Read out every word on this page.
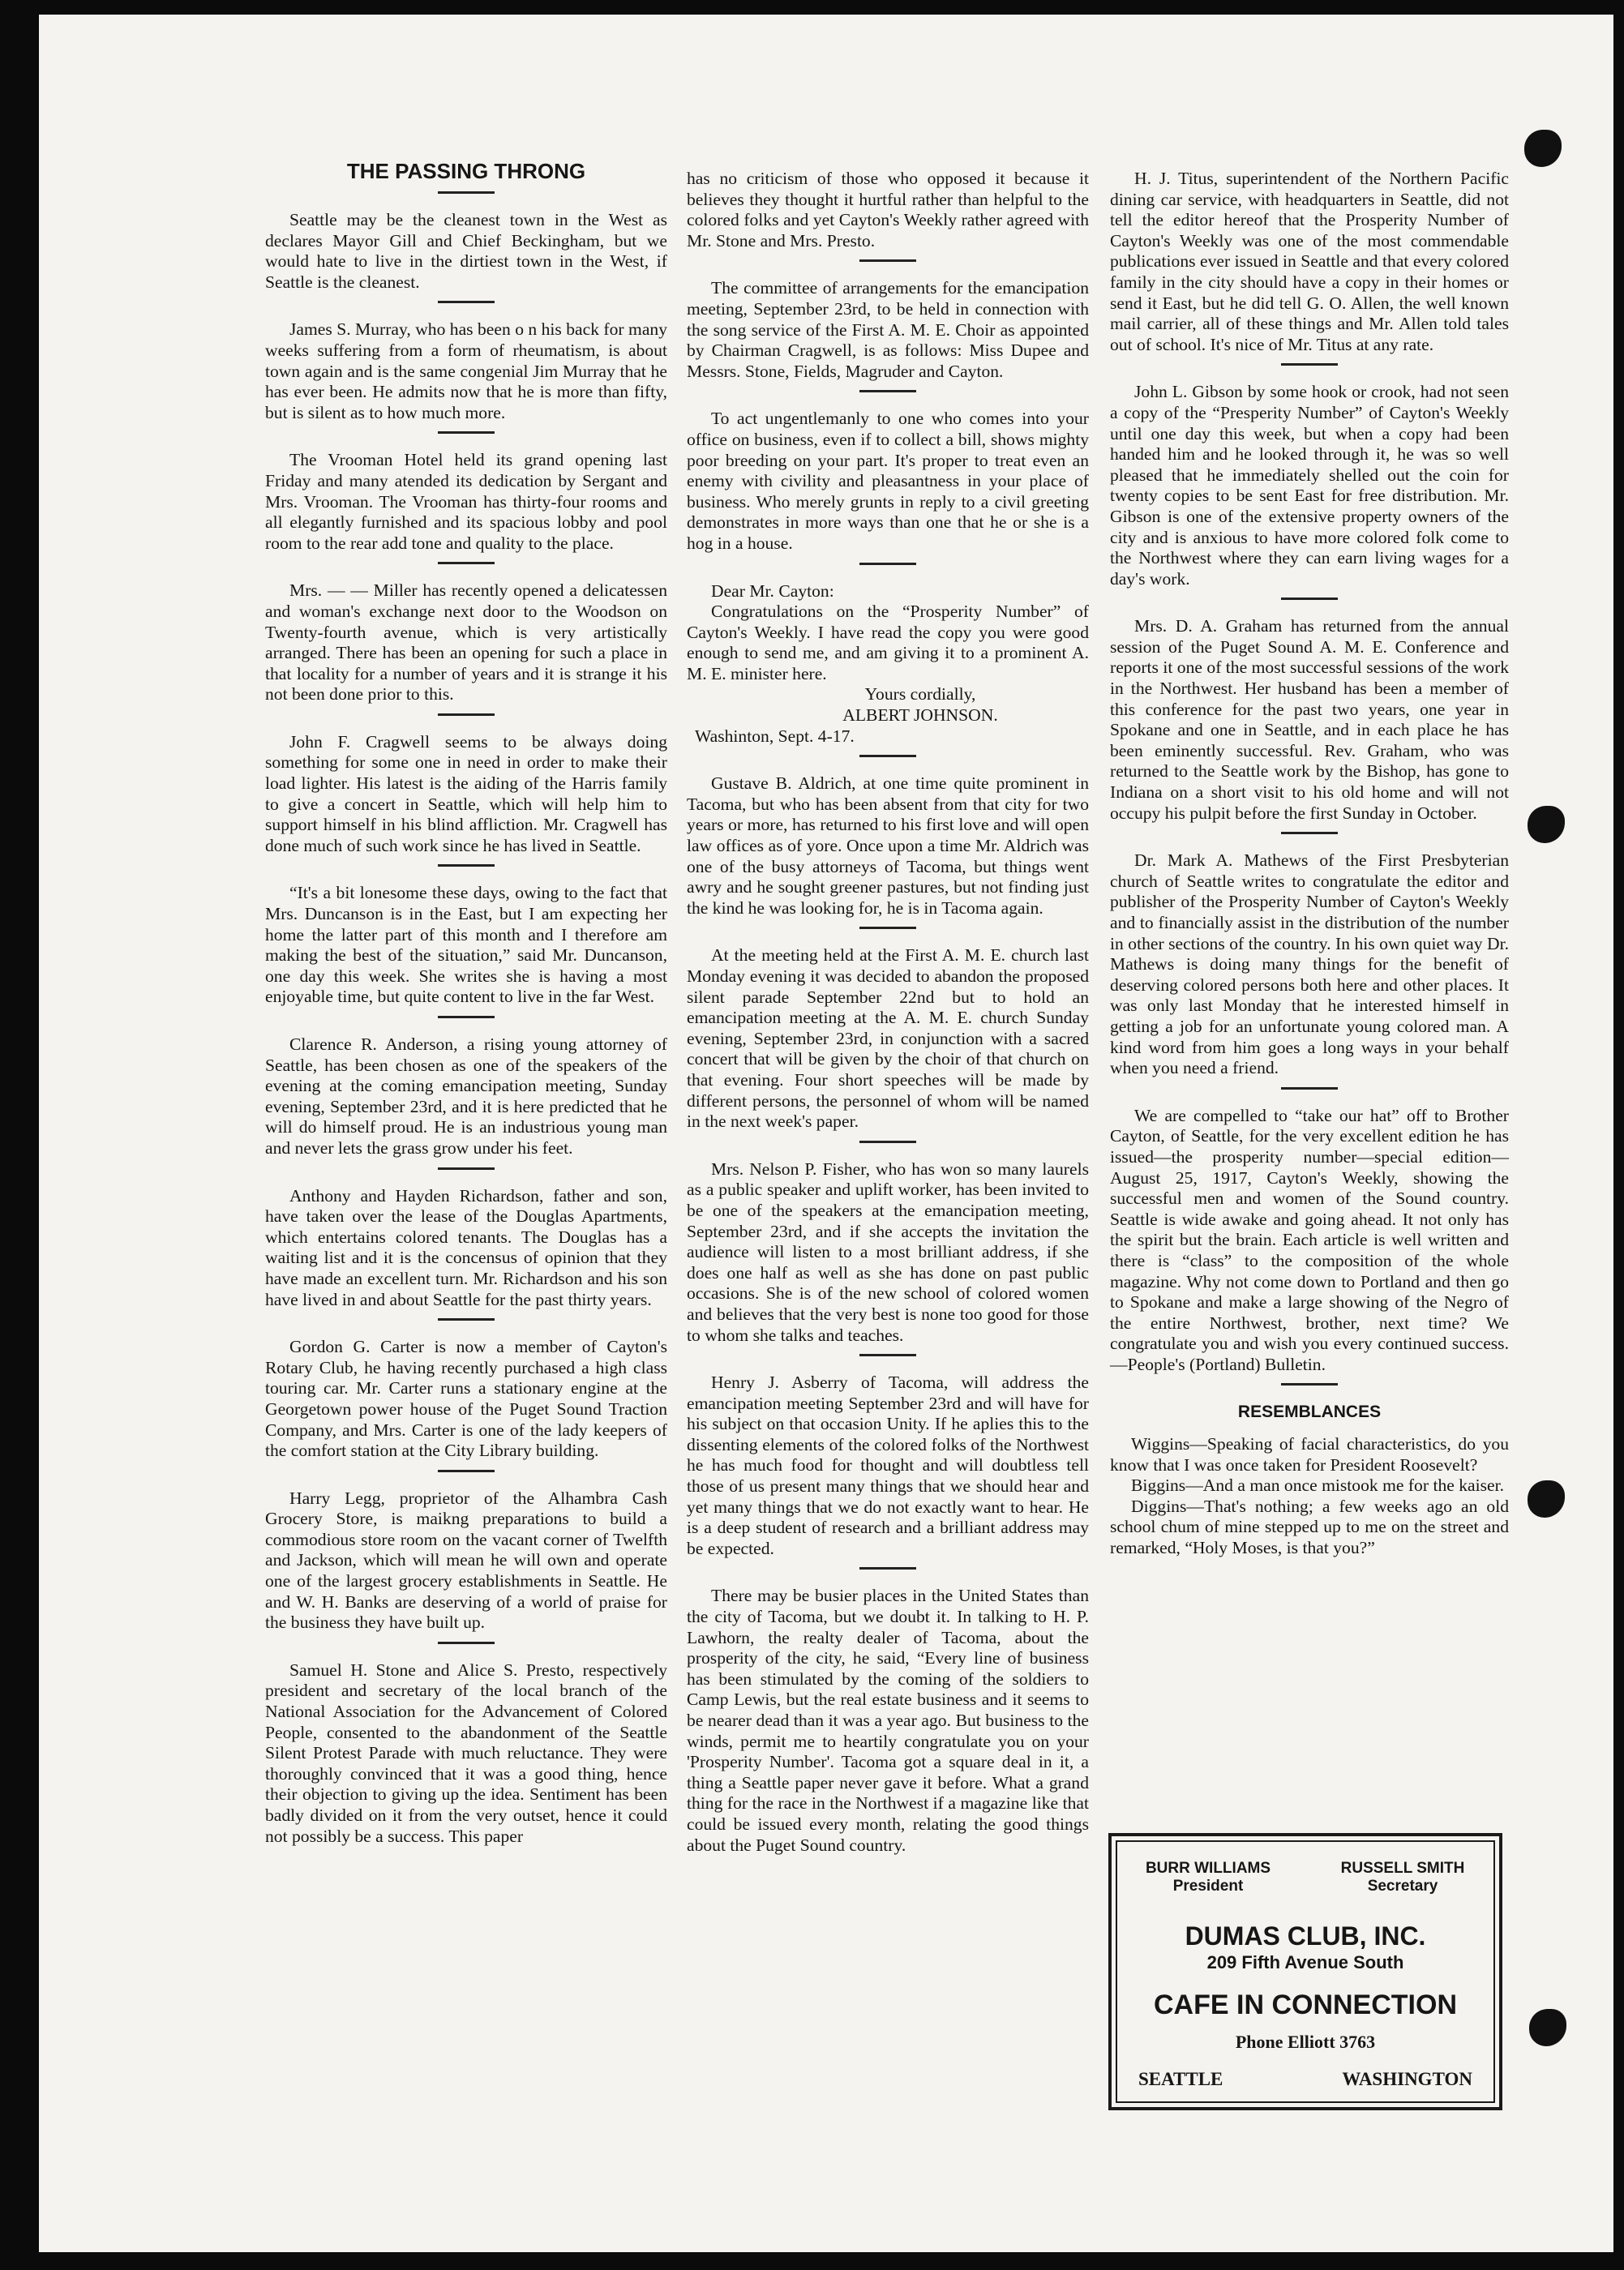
THE PASSING THRONG

Seattle may be the cleanest town in the West as declares Mayor Gill and Chief Beckingham, but we would hate to live in the dirtiest town in the West, if Seattle is the cleanest.

James S. Murray, who has been o n his back for many weeks suffering from a form of rheumatism, is about town again and is the same congenial Jim Murray that he has ever been. He admits now that he is more than fifty, but is silent as to how much more.

The Vrooman Hotel held its grand opening last Friday and many atended its dedication by Sergant and Mrs. Vrooman. The Vrooman has thirty-four rooms and all elegantly furnished and its spacious lobby and pool room to the rear add tone and quality to the place.

Mrs. — — Miller has recently opened a delicatessen and woman's exchange next door to the Woodson on Twenty-fourth avenue, which is very artistically arranged. There has been an opening for such a place in that locality for a number of years and it is strange it his not been done prior to this.

John F. Cragwell seems to be always doing something for some one in need in order to make their load lighter. His latest is the aiding of the Harris family to give a concert in Seattle, which will help him to support himself in his blind affliction. Mr. Cragwell has done much of such work since he has lived in Seattle.

“It's a bit lonesome these days, owing to the fact that Mrs. Duncanson is in the East, but I am expecting her home the latter part of this month and I therefore am making the best of the situation,” said Mr. Duncanson, one day this week. She writes she is having a most enjoyable time, but quite content to live in the far West.

Clarence R. Anderson, a rising young attorney of Seattle, has been chosen as one of the speakers of the evening at the coming emancipation meeting, Sunday evening, September 23rd, and it is here predicted that he will do himself proud. He is an industrious young man and never lets the grass grow under his feet.

Anthony and Hayden Richardson, father and son, have taken over the lease of the Douglas Apartments, which entertains colored tenants. The Douglas has a waiting list and it is the concensus of opinion that they have made an excellent turn. Mr. Richardson and his son have lived in and about Seattle for the past thirty years.

Gordon G. Carter is now a member of Cayton's Rotary Club, he having recently purchased a high class touring car. Mr. Carter runs a stationary engine at the Georgetown power house of the Puget Sound Traction Company, and Mrs. Carter is one of the lady keepers of the comfort station at the City Library building.

Harry Legg, proprietor of the Alhambra Cash Grocery Store, is maikng preparations to build a commodious store room on the vacant corner of Twelfth and Jackson, which will mean he will own and operate one of the largest grocery establishments in Seattle. He and W. H. Banks are deserving of a world of praise for the business they have built up.

Samuel H. Stone and Alice S. Presto, respectively president and secretary of the local branch of the National Association for the Advancement of Colored People, consented to the abandonment of the Seattle Silent Protest Parade with much reluctance. They were thoroughly convinced that it was a good thing, hence their objection to giving up the idea. Sentiment has been badly divided on it from the very outset, hence it could not possibly be a success. This paper

has no criticism of those who opposed it because it believes they thought it hurtful rather than helpful to the colored folks and yet Cayton's Weekly rather agreed with Mr. Stone and Mrs. Presto.

The committee of arrangements for the emancipation meeting, September 23rd, to be held in connection with the song service of the First A. M. E. Choir as appointed by Chairman Cragwell, is as follows: Miss Dupee and Messrs. Stone, Fields, Magruder and Cayton.

To act ungentlemanly to one who comes into your office on business, even if to collect a bill, shows mighty poor breeding on your part. It's proper to treat even an enemy with civility and pleasantness in your place of business. Who merely grunts in reply to a civil greeting demonstrates in more ways than one that he or she is a hog in a house.

Dear Mr. Cayton:

Congratulations on the “Prosperity Number” of Cayton's Weekly. I have read the copy you were good enough to send me, and am giving it to a prominent A. M. E. minister here.

Yours cordially,

ALBERT JOHNSON.

Washinton, Sept. 4-17.

Gustave B. Aldrich, at one time quite prominent in Tacoma, but who has been absent from that city for two years or more, has returned to his first love and will open law offices as of yore. Once upon a time Mr. Aldrich was one of the busy attorneys of Tacoma, but things went awry and he sought greener pastures, but not finding just the kind he was looking for, he is in Tacoma again.

At the meeting held at the First A. M. E. church last Monday evening it was decided to abandon the proposed silent parade September 22nd but to hold an emancipation meeting at the A. M. E. church Sunday evening, September 23rd, in conjunction with a sacred concert that will be given by the choir of that church on that evening. Four short speeches will be made by different persons, the personnel of whom will be named in the next week's paper.

Mrs. Nelson P. Fisher, who has won so many laurels as a public speaker and uplift worker, has been invited to be one of the speakers at the emancipation meeting, September 23rd, and if she accepts the invitation the audience will listen to a most brilliant address, if she does one half as well as she has done on past public occasions. She is of the new school of colored women and believes that the very best is none too good for those to whom she talks and teaches.

Henry J. Asberry of Tacoma, will address the emancipation meeting September 23rd and will have for his subject on that occasion Unity. If he aplies this to the dissenting elements of the colored folks of the Northwest he has much food for thought and will doubtless tell those of us present many things that we should hear and yet many things that we do not exactly want to hear. He is a deep student of research and a brilliant address may be expected.

There may be busier places in the United States than the city of Tacoma, but we doubt it. In talking to H. P. Lawhorn, the realty dealer of Tacoma, about the prosperity of the city, he said, “Every line of business has been stimulated by the coming of the soldiers to Camp Lewis, but the real estate business and it seems to be nearer dead than it was a year ago. But business to the winds, permit me to heartily congratulate you on your 'Prosperity Number'. Tacoma got a square deal in it, a thing a Seattle paper never gave it before. What a grand thing for the race in the Northwest if a magazine like that could be issued every month, relating the good things about the Puget Sound country.

H. J. Titus, superintendent of the Northern Pacific dining car service, with headquarters in Seattle, did not tell the editor hereof that the Prosperity Number of Cayton's Weekly was one of the most commendable publications ever issued in Seattle and that every colored family in the city should have a copy in their homes or send it East, but he did tell G. O. Allen, the well known mail carrier, all of these things and Mr. Allen told tales out of school. It's nice of Mr. Titus at any rate.

John L. Gibson by some hook or crook, had not seen a copy of the “Presperity Number” of Cayton's Weekly until one day this week, but when a copy had been handed him and he looked through it, he was so well pleased that he immediately shelled out the coin for twenty copies to be sent East for free distribution. Mr. Gibson is one of the extensive property owners of the city and is anxious to have more colored folk come to the Northwest where they can earn living wages for a day's work.

Mrs. D. A. Graham has returned from the annual session of the Puget Sound A. M. E. Conference and reports it one of the most successful sessions of the work in the Northwest. Her husband has been a member of this conference for the past two years, one year in Spokane and one in Seattle, and in each place he has been eminently successful. Rev. Graham, who was returned to the Seattle work by the Bishop, has gone to Indiana on a short visit to his old home and will not occupy his pulpit before the first Sunday in October.

Dr. Mark A. Mathews of the First Presbyterian church of Seattle writes to congratulate the editor and publisher of the Prosperity Number of Cayton's Weekly and to financially assist in the distribution of the number in other sections of the country. In his own quiet way Dr. Mathews is doing many things for the benefit of deserving colored persons both here and other places. It was only last Monday that he interested himself in getting a job for an unfortunate young colored man. A kind word from him goes a long ways in your behalf when you need a friend.

We are compelled to “take our hat” off to Brother Cayton, of Seattle, for the very excellent edition he has issued—the prosperity number—special edition—August 25, 1917, Cayton's Weekly, showing the successful men and women of the Sound country. Seattle is wide awake and going ahead. It not only has the spirit but the brain. Each article is well written and there is “class” to the composition of the whole magazine. Why not come down to Portland and then go to Spokane and make a large showing of the Negro of the entire Northwest, brother, next time? We congratulate you and wish you every continued success.—People's (Portland) Bulletin.

RESEMBLANCES

Wiggins—Speaking of facial characteristics, do you know that I was once taken for President Roosevelt?

Biggins—And a man once mistook me for the kaiser.

Diggins—That's nothing; a few weeks ago an old school chum of mine stepped up to me on the street and remarked, “Holy Moses, is that you?”

BURR WILLIAMS
President
RUSSELL SMITH
Secretary
DUMAS CLUB, INC.
209 Fifth Avenue South
CAFE IN CONNECTION
Phone Elliott 3763
SEATTLE	WASHINGTON
